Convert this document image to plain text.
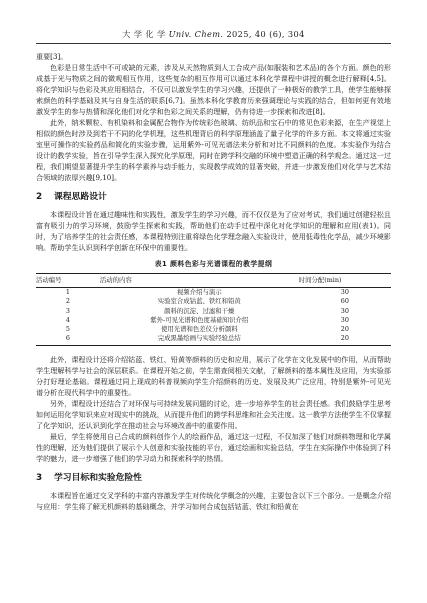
大 学 化 学 Univ. Chem. 2025, 40 (6), 304

重要[3]。

色彩是日常生活中不可或缺的元素，涉及从天然物质到人工合成产品(如服装和艺术品)的各个方面。颜色的形成基于光与物质之间的微观相互作用，这些复杂的相互作用可以通过本科化学课程中讲授的概念进行解释[4,5]。将化学知识与色彩及其应用相结合，不仅可以激发学生的学习兴趣，还提供了一种极好的教学工具，使学生能够探索颜色的科学基础及其与自身生活的联系[6,7]。虽然本科化学教育历来强调理论与实践的结合，但如何更有效地激发学生的参与热情和深化他们对化学和色彩之间关系的理解，仍有待进一步探索和改进[8]。

此外，纳米颗粒、有机染料和金属配合物作为传统彩色玻璃、纺织品和宝石中的常见色彩来源，在生产视觉上相似的颜色时涉及到若干不同的化学机理，这些机理背后的科学原理涵盖了量子化学的许多方面。本文将通过实验室里可操作的实验药品和简化的实验步骤，运用紫外-可见光谱法来分析和对比不同颜料的色度。本实验作为结合设计的教学实验，旨在引导学生深入探究化学原理，同时在跨学科交融的环境中塑造正确的科学观念。通过这一过程，我们期望显著提升学生的科学素养与动手能力，实现教学成效的显著突破，并进一步激发他们对化学与艺术结合领域的浓厚兴趣[9,10]。

2 课程思路设计

本课程设计旨在通过趣味性和实践性，激发学生的学习兴趣，而不仅仅是为了应对考试，我们通过创建轻松且富有吸引力的学习环境，鼓励学生探索和实践，帮助他们在动手过程中深化对化学知识的理解和应用(表1)。同时，为了培养学生的社会责任感，本课程特别注重将绿色化学理念融入实验设计，使用低毒性化学品，减少环境影响。帮助学生认识到科学创新在环保中的重要性。

表1 颜料色彩与光谱课程的教学提纲
活动编号	活动的内容	时间分配(min)
1	视频介绍与演示	30
2	实验室合成钴蓝、铁红和铅黄	60
3	颜料的沉淀、过滤和干燥	30
4	紫外-可见光谱和色度基础知识介绍	30
5	使用光谱和色差仪分析颜料	20
6	完成黑墨绘画与实验经验总结	20

此外，课程设计还将介绍钴蓝、铁红、铅黄等颜料的历史和应用，展示了化学在文化发展中的作用，从而帮助学生理解科学与社会的深层联系。在课程开始之前，学生需查阅相关文献，了解颜料的基本属性及应用，为实验部分打好理论基础。课程通过同上现成的科普视频向学生介绍颜料的历史、发展及其广泛应用，特别是紫外-可见光谱分析在现代科学中的重要性。

另外，课程设计还结合了对环保与可持续发展问题的讨论，进一步培养学生的社会责任感。我们鼓励学生思考如何运用化学知识来应对现实中的挑战，从而提升他们的跨学科思维和社会关注度。这一教学方法使学生不仅掌握了化学知识，还认识到化学在推动社会与环境改善中的重要作用。

最后，学生将使用自己合成的颜料创作个人的绘画作品，通过这一过程，不仅加深了他们对颜料物理和化学属性的理解，还为他们提供了展示个人创意和实验技能的平台，通过绘画和实验总结，学生在实际操作中体验到了科学的魅力，进一步增强了他们的学习动力和探索科学的热情。

3 学习目标和实验危险性

本课程旨在通过交叉学科的丰富内容激发学生对传统化学概念的兴趣，主要包含以下三个部分。一是概念介绍与应用：学生将了解无机颜料的基础概念，并学习如何合成包括钴蓝、铁红和铅黄在
